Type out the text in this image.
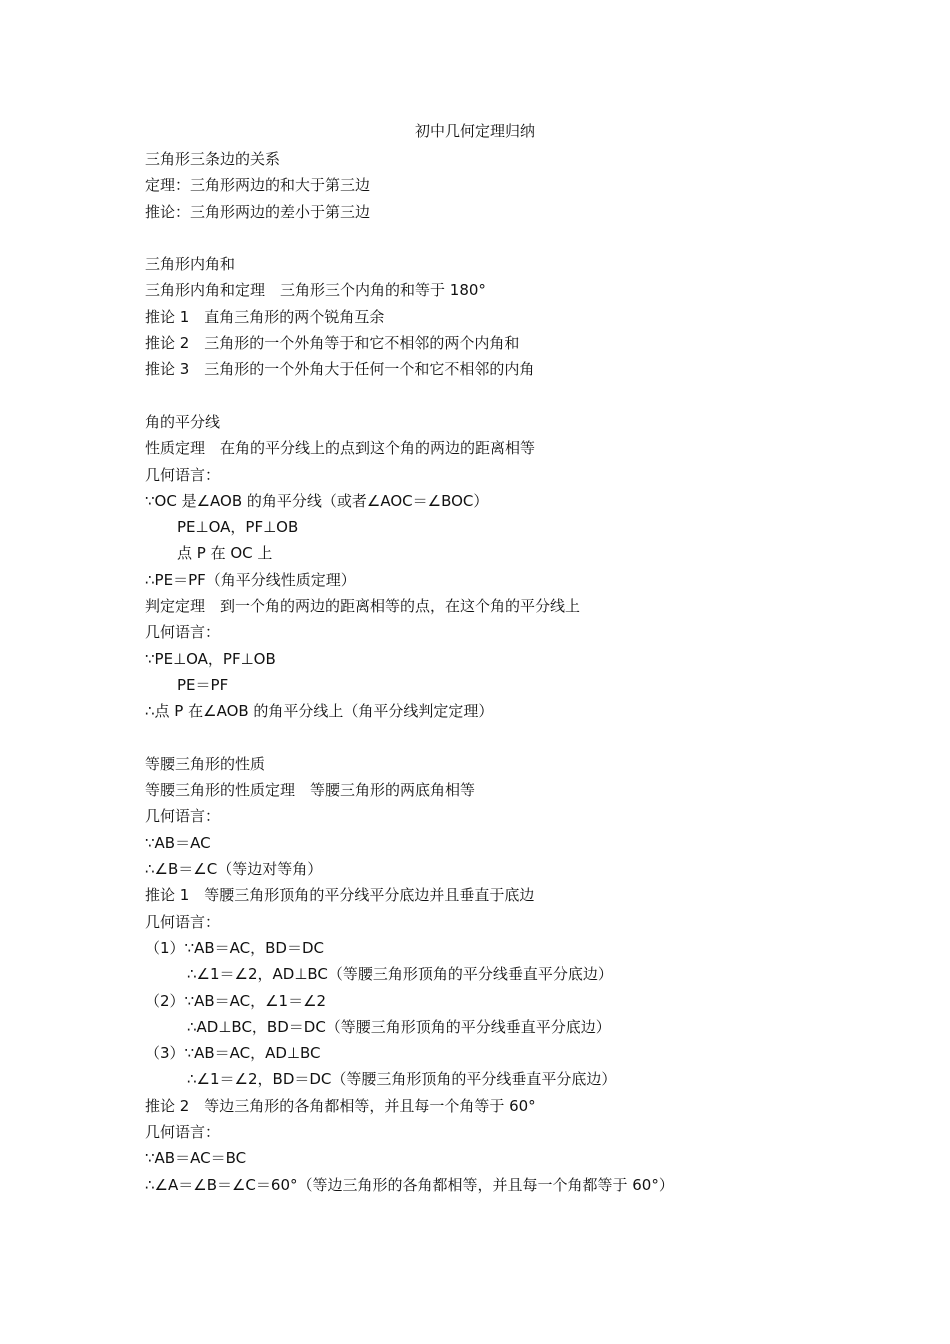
初中几何定理归纳
三角形三条边的关系
定理：三角形两边的和大于第三边
推论：三角形两边的差小于第三边
三角形内角和
三角形内角和定理　三角形三个内角的和等于 180°
推论 1　直角三角形的两个锐角互余
推论 2　三角形的一个外角等于和它不相邻的两个内角和
推论 3　三角形的一个外角大于任何一个和它不相邻的内角
角的平分线
性质定理　在角的平分线上的点到这个角的两边的距离相等
几何语言：
∵OC 是∠AOB 的角平分线（或者∠AOC＝∠BOC）
PE⊥OA，PF⊥OB
点 P 在 OC 上
∴PE＝PF（角平分线性质定理）
判定定理　到一个角的两边的距离相等的点，在这个角的平分线上
几何语言：
∵PE⊥OA，PF⊥OB
PE＝PF
∴点 P 在∠AOB 的角平分线上（角平分线判定定理）
等腰三角形的性质
等腰三角形的性质定理　等腰三角形的两底角相等
几何语言：
∵AB＝AC
∴∠B＝∠C（等边对等角）
推论 1　等腰三角形顶角的平分线平分底边并且垂直于底边
几何语言：
（1）∵AB＝AC，BD＝DC
∴∠1＝∠2，AD⊥BC（等腰三角形顶角的平分线垂直平分底边）
（2）∵AB＝AC，∠1＝∠2
∴AD⊥BC，BD＝DC（等腰三角形顶角的平分线垂直平分底边）
（3）∵AB＝AC，AD⊥BC
∴∠1＝∠2，BD＝DC（等腰三角形顶角的平分线垂直平分底边）
推论 2　等边三角形的各角都相等，并且每一个角等于 60°
几何语言：
∵AB＝AC＝BC
∴∠A＝∠B＝∠C＝60°（等边三角形的各角都相等，并且每一个角都等于 60°）
